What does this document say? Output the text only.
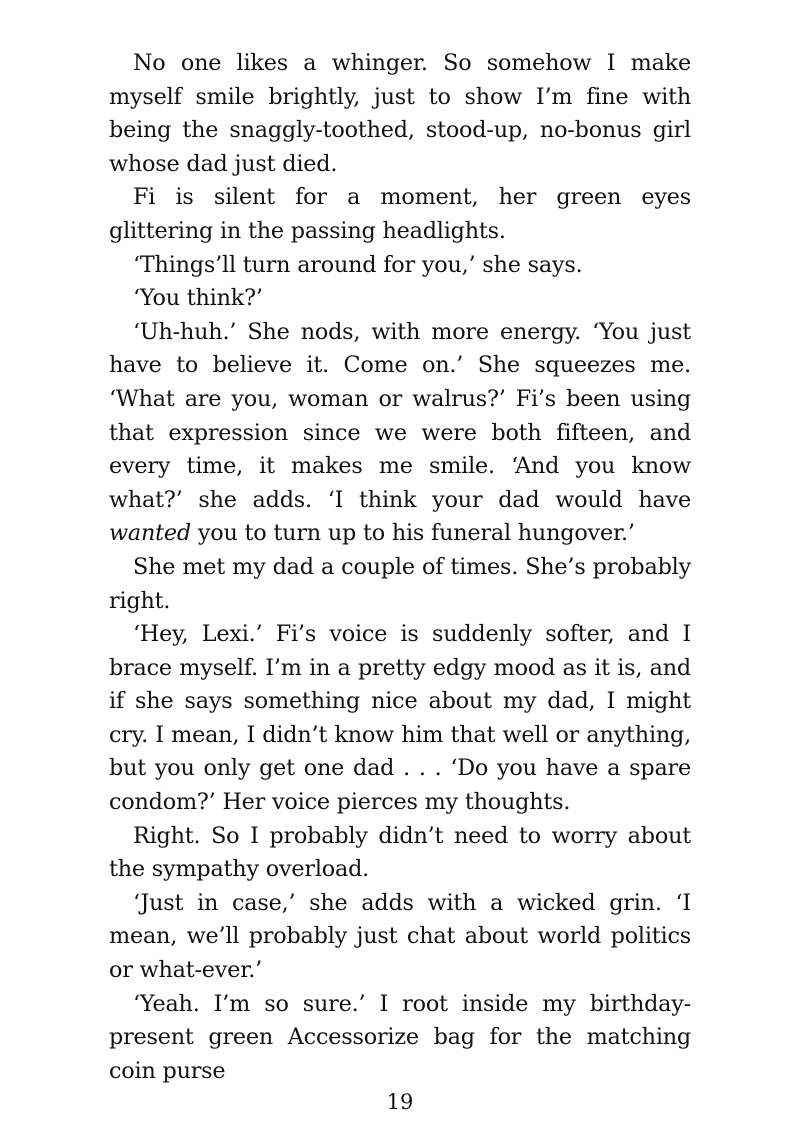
No one likes a whinger. So somehow I make myself smile brightly, just to show I’m fine with being the snaggly-toothed, stood-up, no-bonus girl whose dad just died.

Fi is silent for a moment, her green eyes glittering in the passing headlights.

‘Things’ll turn around for you,’ she says.

‘You think?’

‘Uh-huh.’ She nods, with more energy. ‘You just have to believe it. Come on.’ She squeezes me. ‘What are you, woman or walrus?’ Fi’s been using that expression since we were both fifteen, and every time, it makes me smile. ‘And you know what?’ she adds. ‘I think your dad would have wanted you to turn up to his funeral hungover.’

She met my dad a couple of times. She’s probably right.

‘Hey, Lexi.’ Fi’s voice is suddenly softer, and I brace myself. I’m in a pretty edgy mood as it is, and if she says something nice about my dad, I might cry. I mean, I didn’t know him that well or anything, but you only get one dad . . . ‘Do you have a spare condom?’ Her voice pierces my thoughts.

Right. So I probably didn’t need to worry about the sympathy overload.

‘Just in case,’ she adds with a wicked grin. ‘I mean, we’ll probably just chat about world politics or what-ever.’

‘Yeah. I’m so sure.’ I root inside my birthday-present green Accessorize bag for the matching coin purse

19
